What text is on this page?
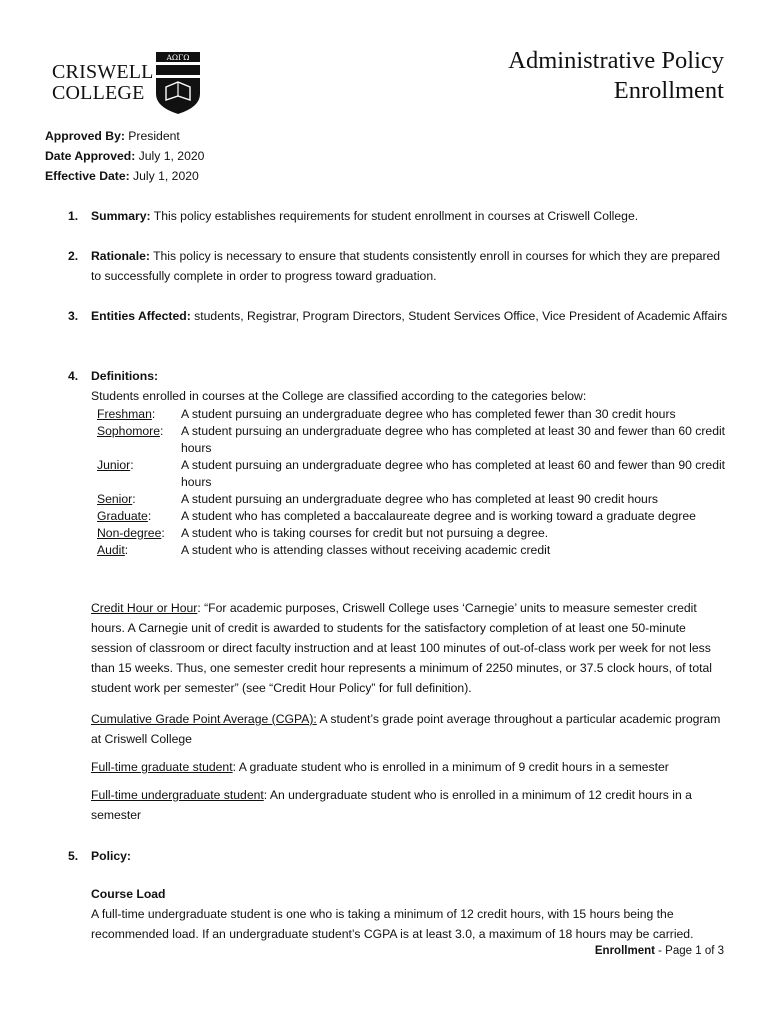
CRISWELL
COLLEGE
ΑΩΓΩ	Administrative Policy
Enrollment
Approved By: President
Date Approved: July 1, 2020
Effective Date: July 1, 2020
1. Summary: This policy establishes requirements for student enrollment in courses at Criswell College.
2. Rationale: This policy is necessary to ensure that students consistently enroll in courses for which they are prepared to successfully complete in order to progress toward graduation.
3. Entities Affected: students, Registrar, Program Directors, Student Services Office, Vice President of Academic Affairs
4. Definitions:
Students enrolled in courses at the College are classified according to the categories below:
Freshman:	A student pursuing an undergraduate degree who has completed fewer than 30 credit hours
Sophomore:	A student pursuing an undergraduate degree who has completed at least 30 and fewer than 60 credit hours
Junior:	A student pursuing an undergraduate degree who has completed at least 60 and fewer than 90 credit hours
Senior:	A student pursuing an undergraduate degree who has completed at least 90 credit hours
Graduate:	A student who has completed a baccalaureate degree and is working toward a graduate degree
Non-degree:	A student who is taking courses for credit but not pursuing a degree.
Audit:	A student who is attending classes without receiving academic credit
Credit Hour or Hour: “For academic purposes, Criswell College uses ‘Carnegie’ units to measure semester credit hours. A Carnegie unit of credit is awarded to students for the satisfactory completion of at least one 50-minute session of classroom or direct faculty instruction and at least 100 minutes of out-of-class work per week for not less than 15 weeks. Thus, one semester credit hour represents a minimum of 2250 minutes, or 37.5 clock hours, of total student work per semester” (see “Credit Hour Policy” for full definition).
Cumulative Grade Point Average (CGPA): A student’s grade point average throughout a particular academic program at Criswell College
Full-time graduate student: A graduate student who is enrolled in a minimum of 9 credit hours in a semester
Full-time undergraduate student: An undergraduate student who is enrolled in a minimum of 12 credit hours in a semester
5. Policy:
Course Load
A full-time undergraduate student is one who is taking a minimum of 12 credit hours, with 15 hours being the recommended load. If an undergraduate student’s CGPA is at least 3.0, a maximum of 18 hours may be carried.
Enrollment - Page 1 of 3
